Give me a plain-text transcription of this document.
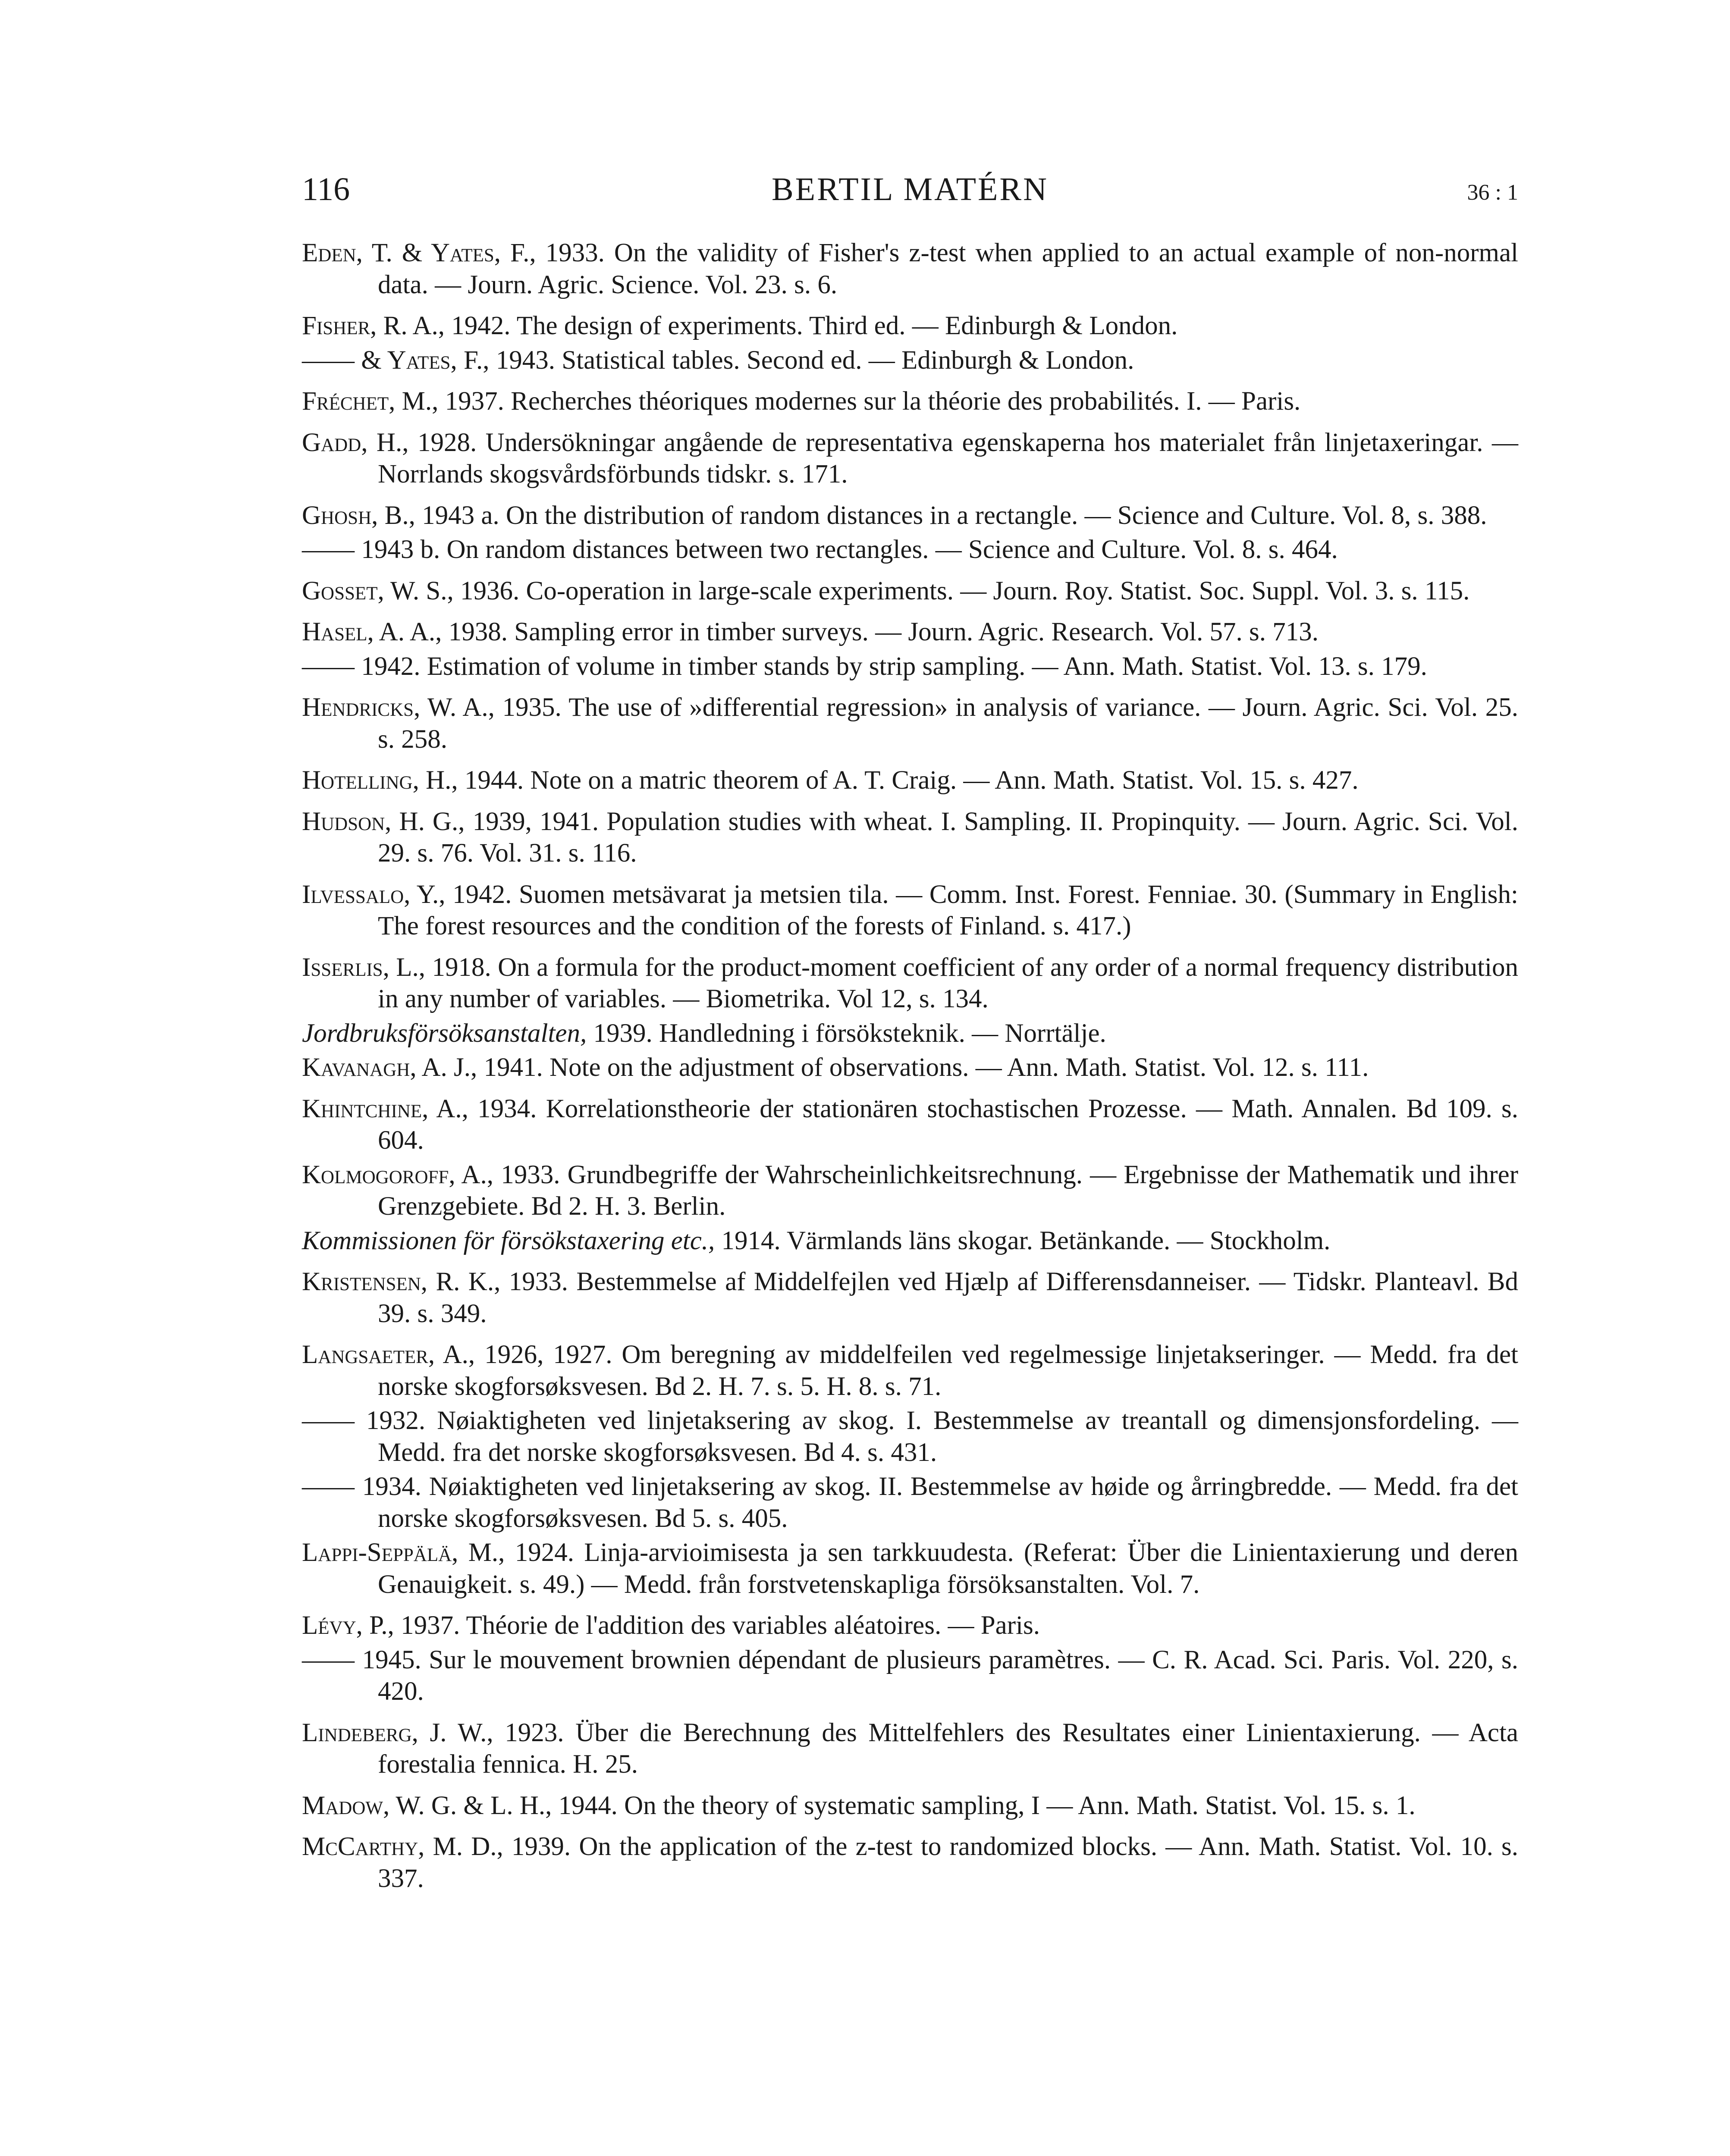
116	BERTIL MATÉRN	36 : 1

Eden, T. & Yates, F., 1933. On the validity of Fisher's z-test when applied to an actual example of non-normal data. — Journ. Agric. Science. Vol. 23. s. 6.

Fisher, R. A., 1942. The design of experiments. Third ed. — Edinburgh & London.

—— & Yates, F., 1943. Statistical tables. Second ed. — Edinburgh & London.

Fréchet, M., 1937. Recherches théoriques modernes sur la théorie des probabilités. I. — Paris.

Gadd, H., 1928. Undersökningar angående de representativa egenskaperna hos materialet från linjetaxeringar. — Norrlands skogsvårdsförbunds tidskr. s. 171.

Ghosh, B., 1943 a. On the distribution of random distances in a rectangle. — Science and Culture. Vol. 8, s. 388.

—— 1943 b. On random distances between two rectangles. — Science and Culture. Vol. 8. s. 464.

Gosset, W. S., 1936. Co-operation in large-scale experiments. — Journ. Roy. Statist. Soc. Suppl. Vol. 3. s. 115.

Hasel, A. A., 1938. Sampling error in timber surveys. — Journ. Agric. Research. Vol. 57. s. 713.

—— 1942. Estimation of volume in timber stands by strip sampling. — Ann. Math. Statist. Vol. 13. s. 179.

Hendricks, W. A., 1935. The use of »differential regression» in analysis of variance. — Journ. Agric. Sci. Vol. 25. s. 258.

Hotelling, H., 1944. Note on a matric theorem of A. T. Craig. — Ann. Math. Statist. Vol. 15. s. 427.

Hudson, H. G., 1939, 1941. Population studies with wheat. I. Sampling. II. Propinquity. — Journ. Agric. Sci. Vol. 29. s. 76. Vol. 31. s. 116.

Ilvessalo, Y., 1942. Suomen metsävarat ja metsien tila. — Comm. Inst. Forest. Fenniae. 30. (Summary in English: The forest resources and the condition of the forests of Finland. s. 417.)

Isserlis, L., 1918. On a formula for the product-moment coefficient of any order of a normal frequency distribution in any number of variables. — Biometrika. Vol 12, s. 134.

Jordbruksförsöksanstalten, 1939. Handledning i försöksteknik. — Norrtälje.

Kavanagh, A. J., 1941. Note on the adjustment of observations. — Ann. Math. Statist. Vol. 12. s. 111.

Khintchine, A., 1934. Korrelationstheorie der stationären stochastischen Prozesse. — Math. Annalen. Bd 109. s. 604.

Kolmogoroff, A., 1933. Grundbegriffe der Wahrscheinlichkeitsrechnung. — Ergebnisse der Mathematik und ihrer Grenzgebiete. Bd 2. H. 3. Berlin.

Kommissionen för försökstaxering etc., 1914. Värmlands läns skogar. Betänkande. — Stockholm.

Kristensen, R. K., 1933. Bestemmelse af Middelfejlen ved Hjælp af Differensdanneiser. — Tidskr. Planteavl. Bd 39. s. 349.

Langsaeter, A., 1926, 1927. Om beregning av middelfeilen ved regelmessige linjetakseringer. — Medd. fra det norske skogforsøksvesen. Bd 2. H. 7. s. 5. H. 8. s. 71.

—— 1932. Nøiaktigheten ved linjetaksering av skog. I. Bestemmelse av treantall og dimensjonsfordeling. — Medd. fra det norske skogforsøksvesen. Bd 4. s. 431.

—— 1934. Nøiaktigheten ved linjetaksering av skog. II. Bestemmelse av høide og årringbredde. — Medd. fra det norske skogforsøksvesen. Bd 5. s. 405.

Lappi-Seppälä, M., 1924. Linja-arvioimisesta ja sen tarkkuudesta. (Referat: Über die Linientaxierung und deren Genauigkeit. s. 49.) — Medd. från forstvetenskapliga försöksanstalten. Vol. 7.

Lévy, P., 1937. Théorie de l'addition des variables aléatoires. — Paris.

—— 1945. Sur le mouvement brownien dépendant de plusieurs paramètres. — C. R. Acad. Sci. Paris. Vol. 220, s. 420.

Lindeberg, J. W., 1923. Über die Berechnung des Mittelfehlers des Resultates einer Linientaxierung. — Acta forestalia fennica. H. 25.

Madow, W. G. & L. H., 1944. On the theory of systematic sampling, I — Ann. Math. Statist. Vol. 15. s. 1.

McCarthy, M. D., 1939. On the application of the z-test to randomized blocks. — Ann. Math. Statist. Vol. 10. s. 337.
